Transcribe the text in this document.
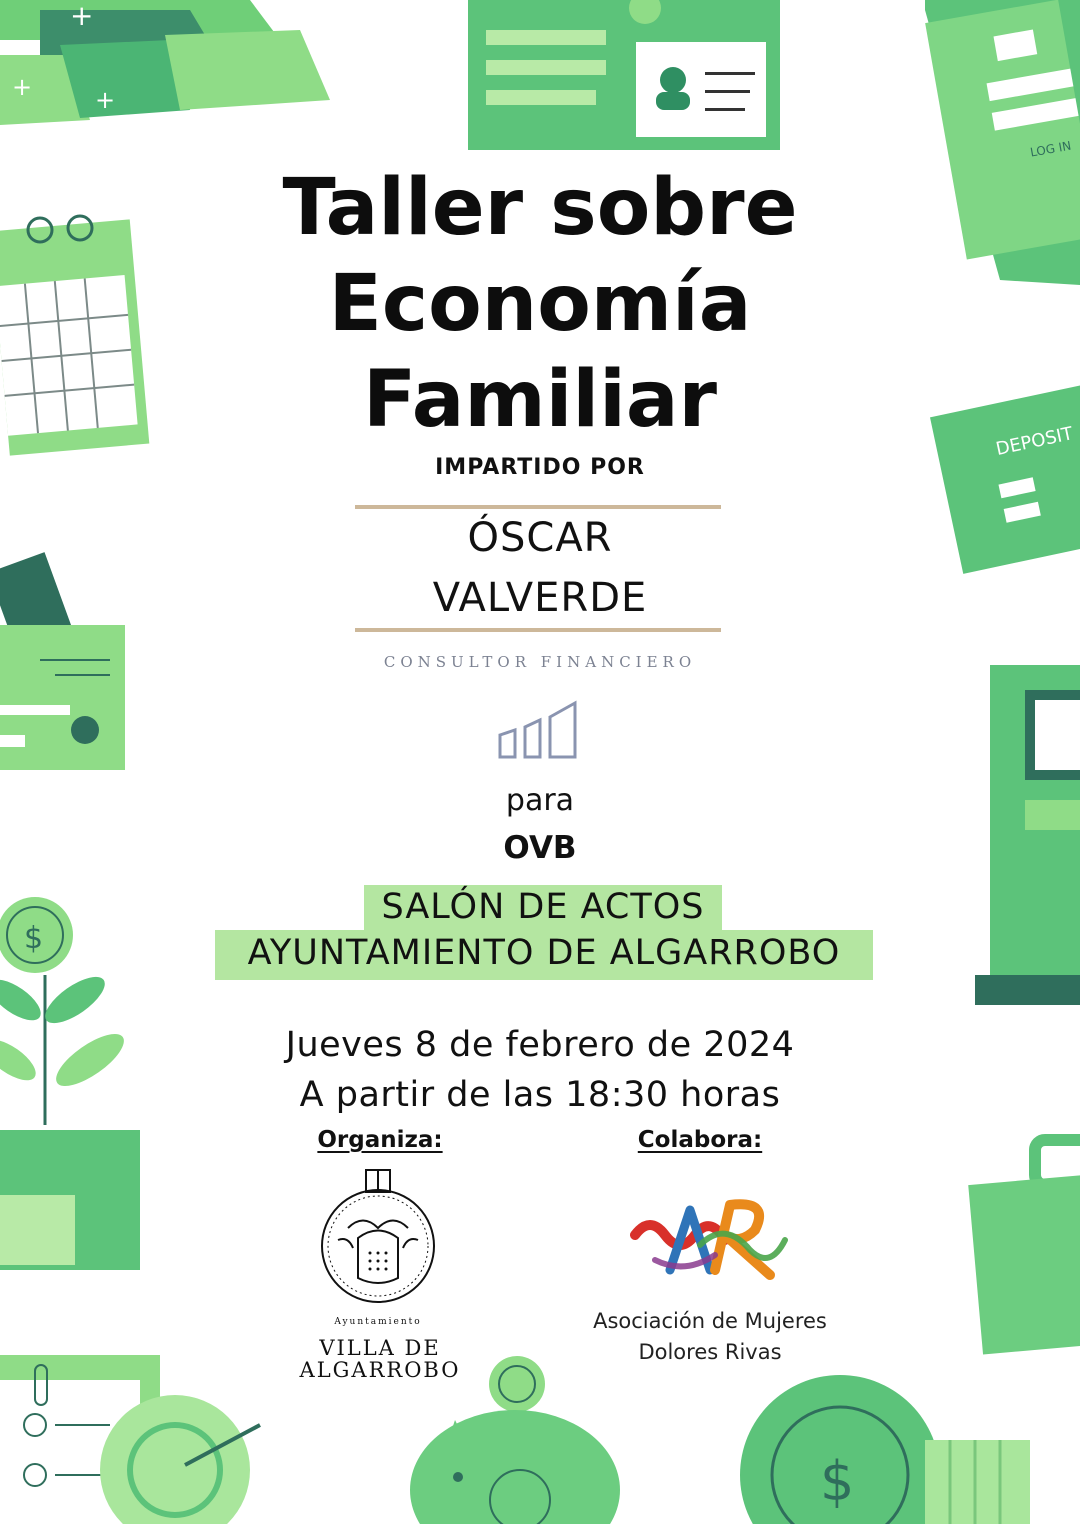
+
+	+
LOG IN
DEPOSIT
$
$
Taller sobre
Economía
Familiar
IMPARTIDO POR
ÓSCAR
VALVERDE
CONSULTOR FINANCIERO
para
OVB
SALÓN DE ACTOS
AYUNTAMIENTO DE ALGARROBO
Jueves 8 de febrero de 2024
A partir de las 18:30 horas
Organiza:
Ayuntamiento
VILLA DE
ALGARROBO
Colabora:
Asociación de Mujeres
Dolores Rivas
